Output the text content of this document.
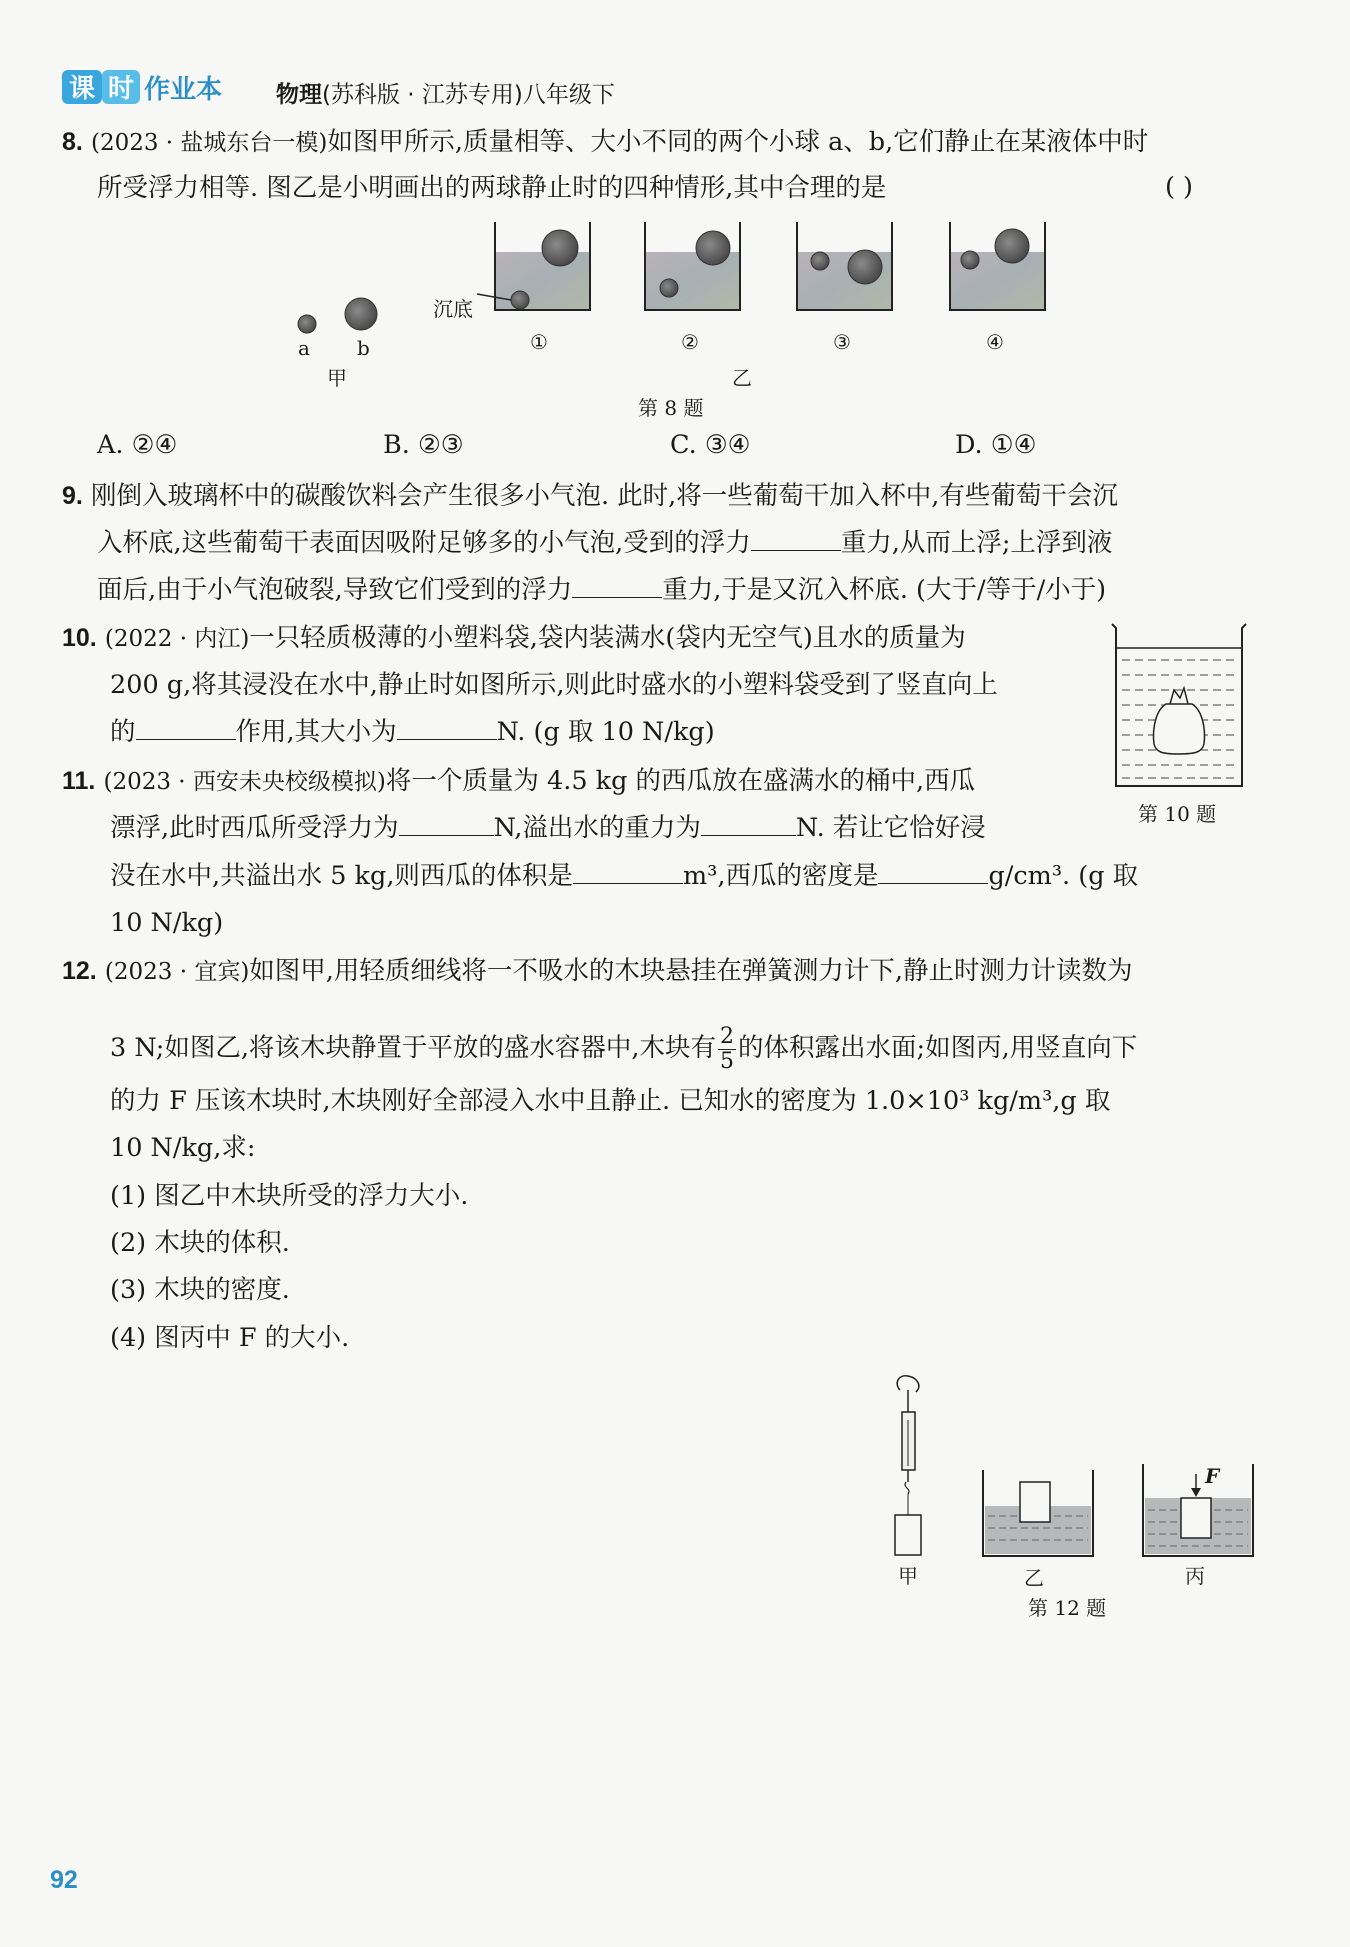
课 时 作业本 物理(苏科版 · 江苏专用)八年级下
8. (2023 · 盐城东台一模)如图甲所示,质量相等、大小不同的两个小球 a、b,它们静止在某液体中时
所受浮力相等. 图乙是小明画出的两球静止时的四种情形,其中合理的是	( )
a b
甲
沉底
①	②	③	④
乙
第 8 题
A. ②④	B. ②③	C. ③④	D. ①④
9. 刚倒入玻璃杯中的碳酸饮料会产生很多小气泡. 此时,将一些葡萄干加入杯中,有些葡萄干会沉
入杯底,这些葡萄干表面因吸附足够多的小气泡,受到的浮力	重力,从而上浮;上浮到液
面后,由于小气泡破裂,导致它们受到的浮力	重力,于是又沉入杯底. (大于/等于/小于)
10. (2022 · 内江)一只轻质极薄的小塑料袋,袋内装满水(袋内无空气)且水的质量为
200 g,将其浸没在水中,静止时如图所示,则此时盛水的小塑料袋受到了竖直向上
的	作用,其大小为	N. (g 取 10 N/kg)
第 10 题
11. (2023 · 西安未央校级模拟)将一个质量为 4.5 kg 的西瓜放在盛满水的桶中,西瓜
漂浮,此时西瓜所受浮力为	N,溢出水的重力为	N. 若让它恰好浸
没在水中,共溢出水 5 kg,则西瓜的体积是	m³,西瓜的密度是	g/cm³. (g 取
10 N/kg)
12. (2023 · 宜宾)如图甲,用轻质细线将一不吸水的木块悬挂在弹簧测力计下,静止时测力计读数为
3 N;如图乙,将该木块静置于平放的盛水容器中,木块有 $\frac{2}{5}$ 的体积露出水面;如图丙,用竖直向下
的力 F 压该木块时,木块刚好全部浸入水中且静止. 已知水的密度为 1.0×10³ kg/m³,g 取
10 N/kg,求:
(1) 图乙中木块所受的浮力大小.
(2) 木块的体积.
(3) 木块的密度.
(4) 图丙中 F 的大小.
F
甲	乙	丙
第 12 题
92
